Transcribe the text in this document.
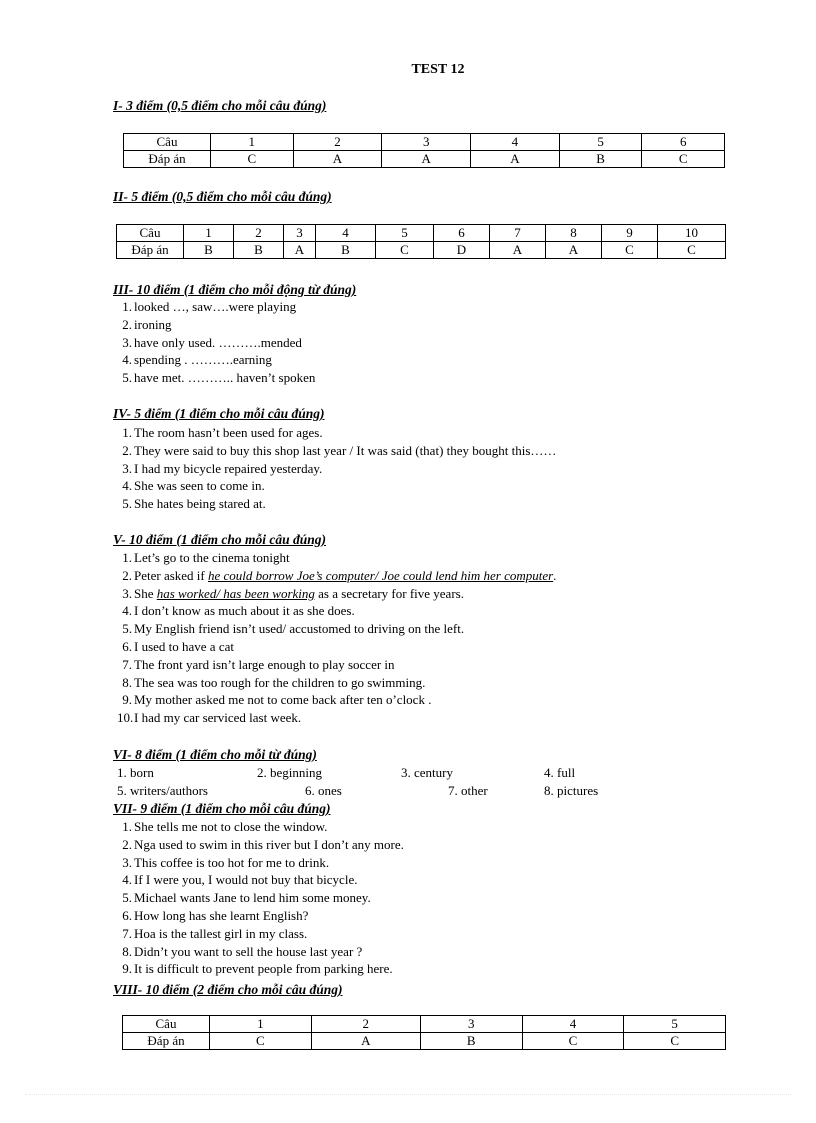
TEST 12
I- 3 điểm (0,5 điểm cho mỗi câu đúng)
Câu	1	2	3	4	5	6
Đáp án	C	A	A	A	B	C
II- 5 điểm (0,5 điểm cho mỗi câu đúng)
Câu	1	2	3	4	5	6	7	8	9	10
Đáp án	B	B	A	B	C	D	A	A	C	C
III- 10 điểm (1 điểm cho mỗi động từ đúng)
1. looked …, saw….were playing
2. ironing
3. have only used. ……….mended
4. spending . ……….earning
5. have met. ……….. haven’t spoken
IV- 5 điểm (1 điểm cho mỗi câu đúng)
1. The room hasn’t been used for ages.
2. They were said to buy this shop last year / It was said (that) they bought this……
3. I had my bicycle repaired yesterday.
4. She was seen to come in.
5. She hates being stared at.
V- 10 điểm (1 điểm cho mỗi câu đúng)
1. Let’s go to the cinema tonight
2. Peter asked if he could borrow Joe’s computer/ Joe could lend him her computer.
3. She has worked/ has been working as a secretary for five years.
4. I don’t know as much about it as she does.
5. My English friend isn’t used/ accustomed to driving on the left.
6. I used to have a cat
7. The front yard isn’t large enough to play soccer in
8. The sea was too rough for the children to go swimming.
9. My mother asked me not to come back after ten o’clock .
10.I had my car serviced last week.
VI- 8 điểm (1 điểm cho mỗi từ đúng)
1. born	2. beginning	3. century	4. full
5. writers/authors	6. ones	7. other	8. pictures
VII- 9 điểm (1 điểm cho mỗi câu đúng)
1. She tells me not to close the window.
2. Nga used to swim in this river but I don’t any more.
3. This coffee is too hot for me to drink.
4. If I were you, I would not buy that bicycle.
5. Michael wants Jane to lend him some money.
6. How long has she learnt English?
7. Hoa is the tallest girl in my class.
8. Didn’t you want to sell the house last year ?
9. It is difficult to prevent people from parking here.
VIII- 10 điểm (2 điểm cho mỗi câu đúng)
Câu	1	2	3	4	5
Đáp án	C	A	B	C	C
